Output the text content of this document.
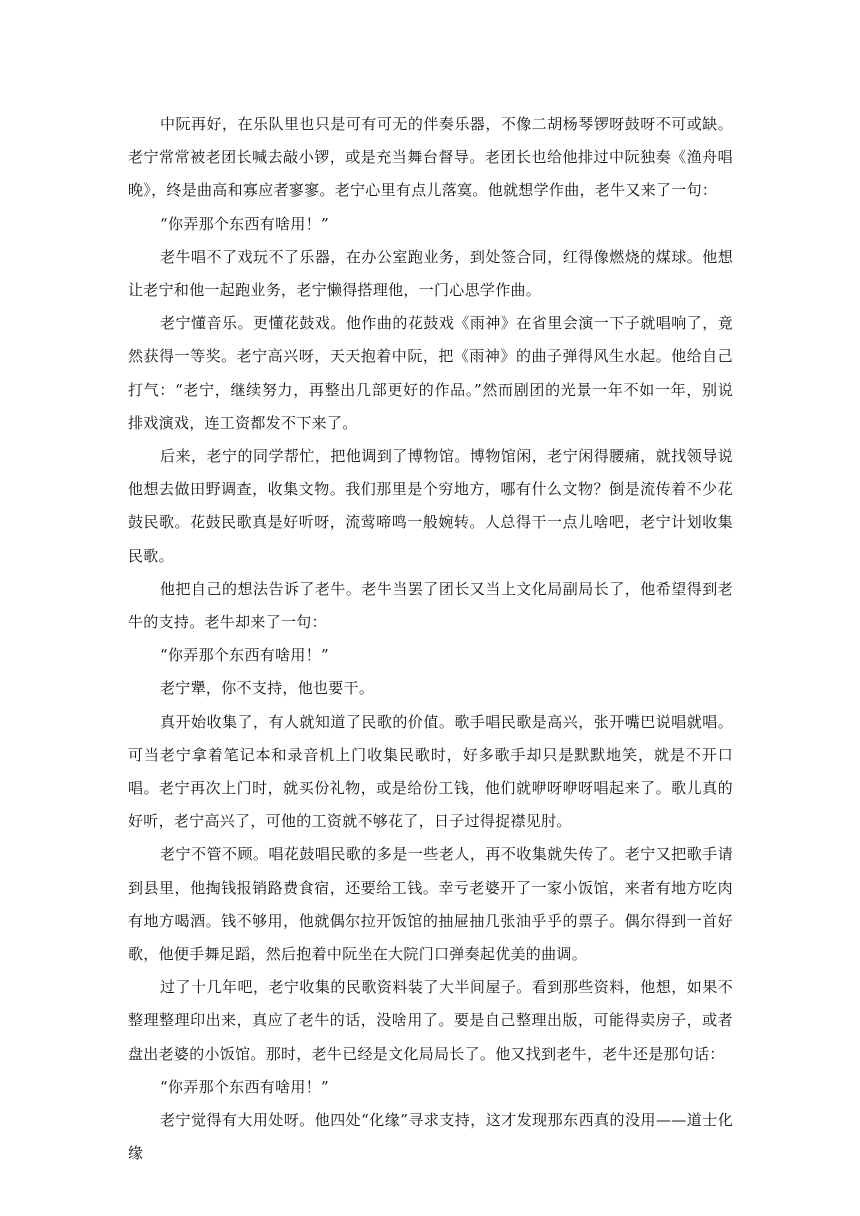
中阮再好，在乐队里也只是可有可无的伴奏乐器，不像二胡杨琴锣呀鼓呀不可或缺。老宁常常被老团长喊去敲小锣，或是充当舞台督导。老团长也给他排过中阮独奏《渔舟唱晚》，终是曲高和寡应者寥寥。老宁心里有点儿落寞。他就想学作曲，老牛又来了一句：

“你弄那个东西有啥用！”

老牛唱不了戏玩不了乐器，在办公室跑业务，到处签合同，红得像燃烧的煤球。他想让老宁和他一起跑业务，老宁懒得搭理他，一门心思学作曲。

老宁懂音乐。更懂花鼓戏。他作曲的花鼓戏《雨神》在省里会演一下子就唱响了，竟然获得一等奖。老宁高兴呀，天天抱着中阮，把《雨神》的曲子弹得风生水起。他给自己打气：“老宁，继续努力，再整出几部更好的作品。”然而剧团的光景一年不如一年，别说排戏演戏，连工资都发不下来了。

后来，老宁的同学帮忙，把他调到了博物馆。博物馆闲，老宁闲得腰痛，就找领导说他想去做田野调查，收集文物。我们那里是个穷地方，哪有什么文物？倒是流传着不少花鼓民歌。花鼓民歌真是好听呀，流莺啼鸣一般婉转。人总得干一点儿啥吧，老宁计划收集民歌。

他把自己的想法告诉了老牛。老牛当罢了团长又当上文化局副局长了，他希望得到老牛的支持。老牛却来了一句：

“你弄那个东西有啥用！”

老宁犟，你不支持，他也要干。

真开始收集了，有人就知道了民歌的价值。歌手唱民歌是高兴，张开嘴巴说唱就唱。可当老宁拿着笔记本和录音机上门收集民歌时，好多歌手却只是默默地笑，就是不开口唱。老宁再次上门时，就买份礼物，或是给份工钱，他们就咿呀咿呀唱起来了。歌儿真的好听，老宁高兴了，可他的工资就不够花了，日子过得捉襟见肘。

老宁不管不顾。唱花鼓唱民歌的多是一些老人，再不收集就失传了。老宁又把歌手请到县里，他掏钱报销路费食宿，还要给工钱。幸亏老婆开了一家小饭馆，来者有地方吃肉有地方喝酒。钱不够用，他就偶尔拉开饭馆的抽屉抽几张油乎乎的票子。偶尔得到一首好歌，他便手舞足蹈，然后抱着中阮坐在大院门口弹奏起优美的曲调。

过了十几年吧，老宁收集的民歌资料装了大半间屋子。看到那些资料，他想，如果不整理整理印出来，真应了老牛的话，没啥用了。要是自己整理出版，可能得卖房子，或者盘出老婆的小饭馆。那时，老牛已经是文化局局长了。他又找到老牛，老牛还是那句话：

“你弄那个东西有啥用！”

老宁觉得有大用处呀。他四处“化缘”寻求支持，这才发现那东西真的没用——道士化缘
